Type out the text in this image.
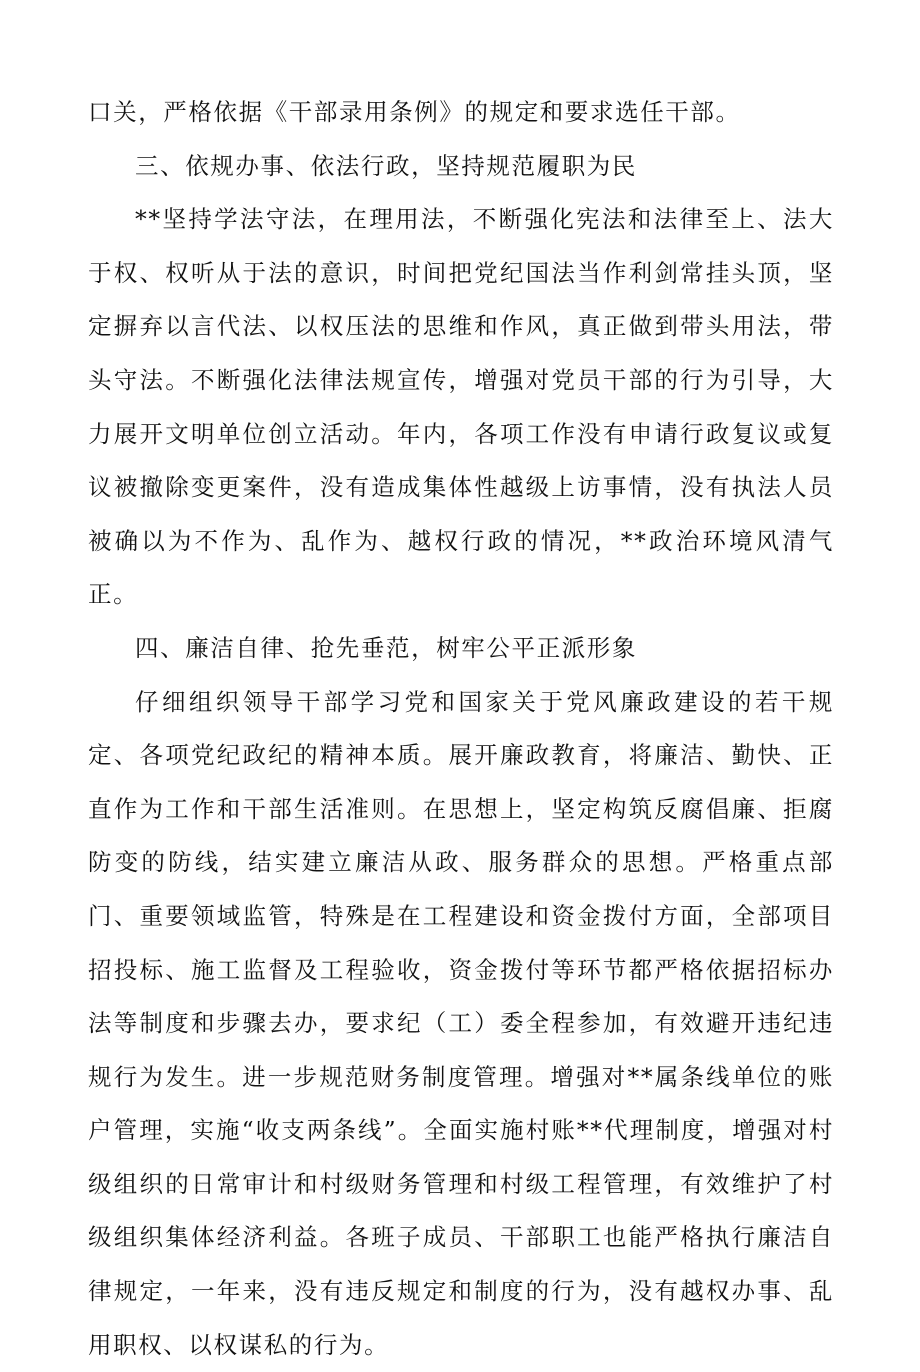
口关，严格依据《干部录用条例》的规定和要求选任干部。

三、依规办事、依法行政，坚持规范履职为民

**坚持学法守法，在理用法，不断强化宪法和法律至上、法大于权、权听从于法的意识，时间把党纪国法当作利剑常挂头顶，坚定摒弃以言代法、以权压法的思维和作风，真正做到带头用法，带头守法。不断强化法律法规宣传，增强对党员干部的行为引导，大力展开文明单位创立活动。年内，各项工作没有申请行政复议或复议被撤除变更案件，没有造成集体性越级上访事情，没有执法人员被确以为不作为、乱作为、越权行政的情况，**政治环境风清气正。

四、廉洁自律、抢先垂范，树牢公平正派形象

仔细组织领导干部学习党和国家关于党风廉政建设的若干规定、各项党纪政纪的精神本质。展开廉政教育，将廉洁、勤快、正直作为工作和干部生活准则。在思想上，坚定构筑反腐倡廉、拒腐防变的防线，结实建立廉洁从政、服务群众的思想。严格重点部门、重要领域监管，特殊是在工程建设和资金拨付方面，全部项目招投标、施工监督及工程验收，资金拨付等环节都严格依据招标办法等制度和步骤去办，要求纪（工）委全程参加，有效避开违纪违规行为发生。进一步规范财务制度管理。增强对**属条线单位的账户管理，实施“收支两条线”。全面实施村账**代理制度，增强对村级组织的日常审计和村级财务管理和村级工程管理，有效维护了村级组织集体经济利益。各班子成员、干部职工也能严格执行廉洁自律规定，一年来，没有违反规定和制度的行为，没有越权办事、乱用职权、以权谋私的行为。
